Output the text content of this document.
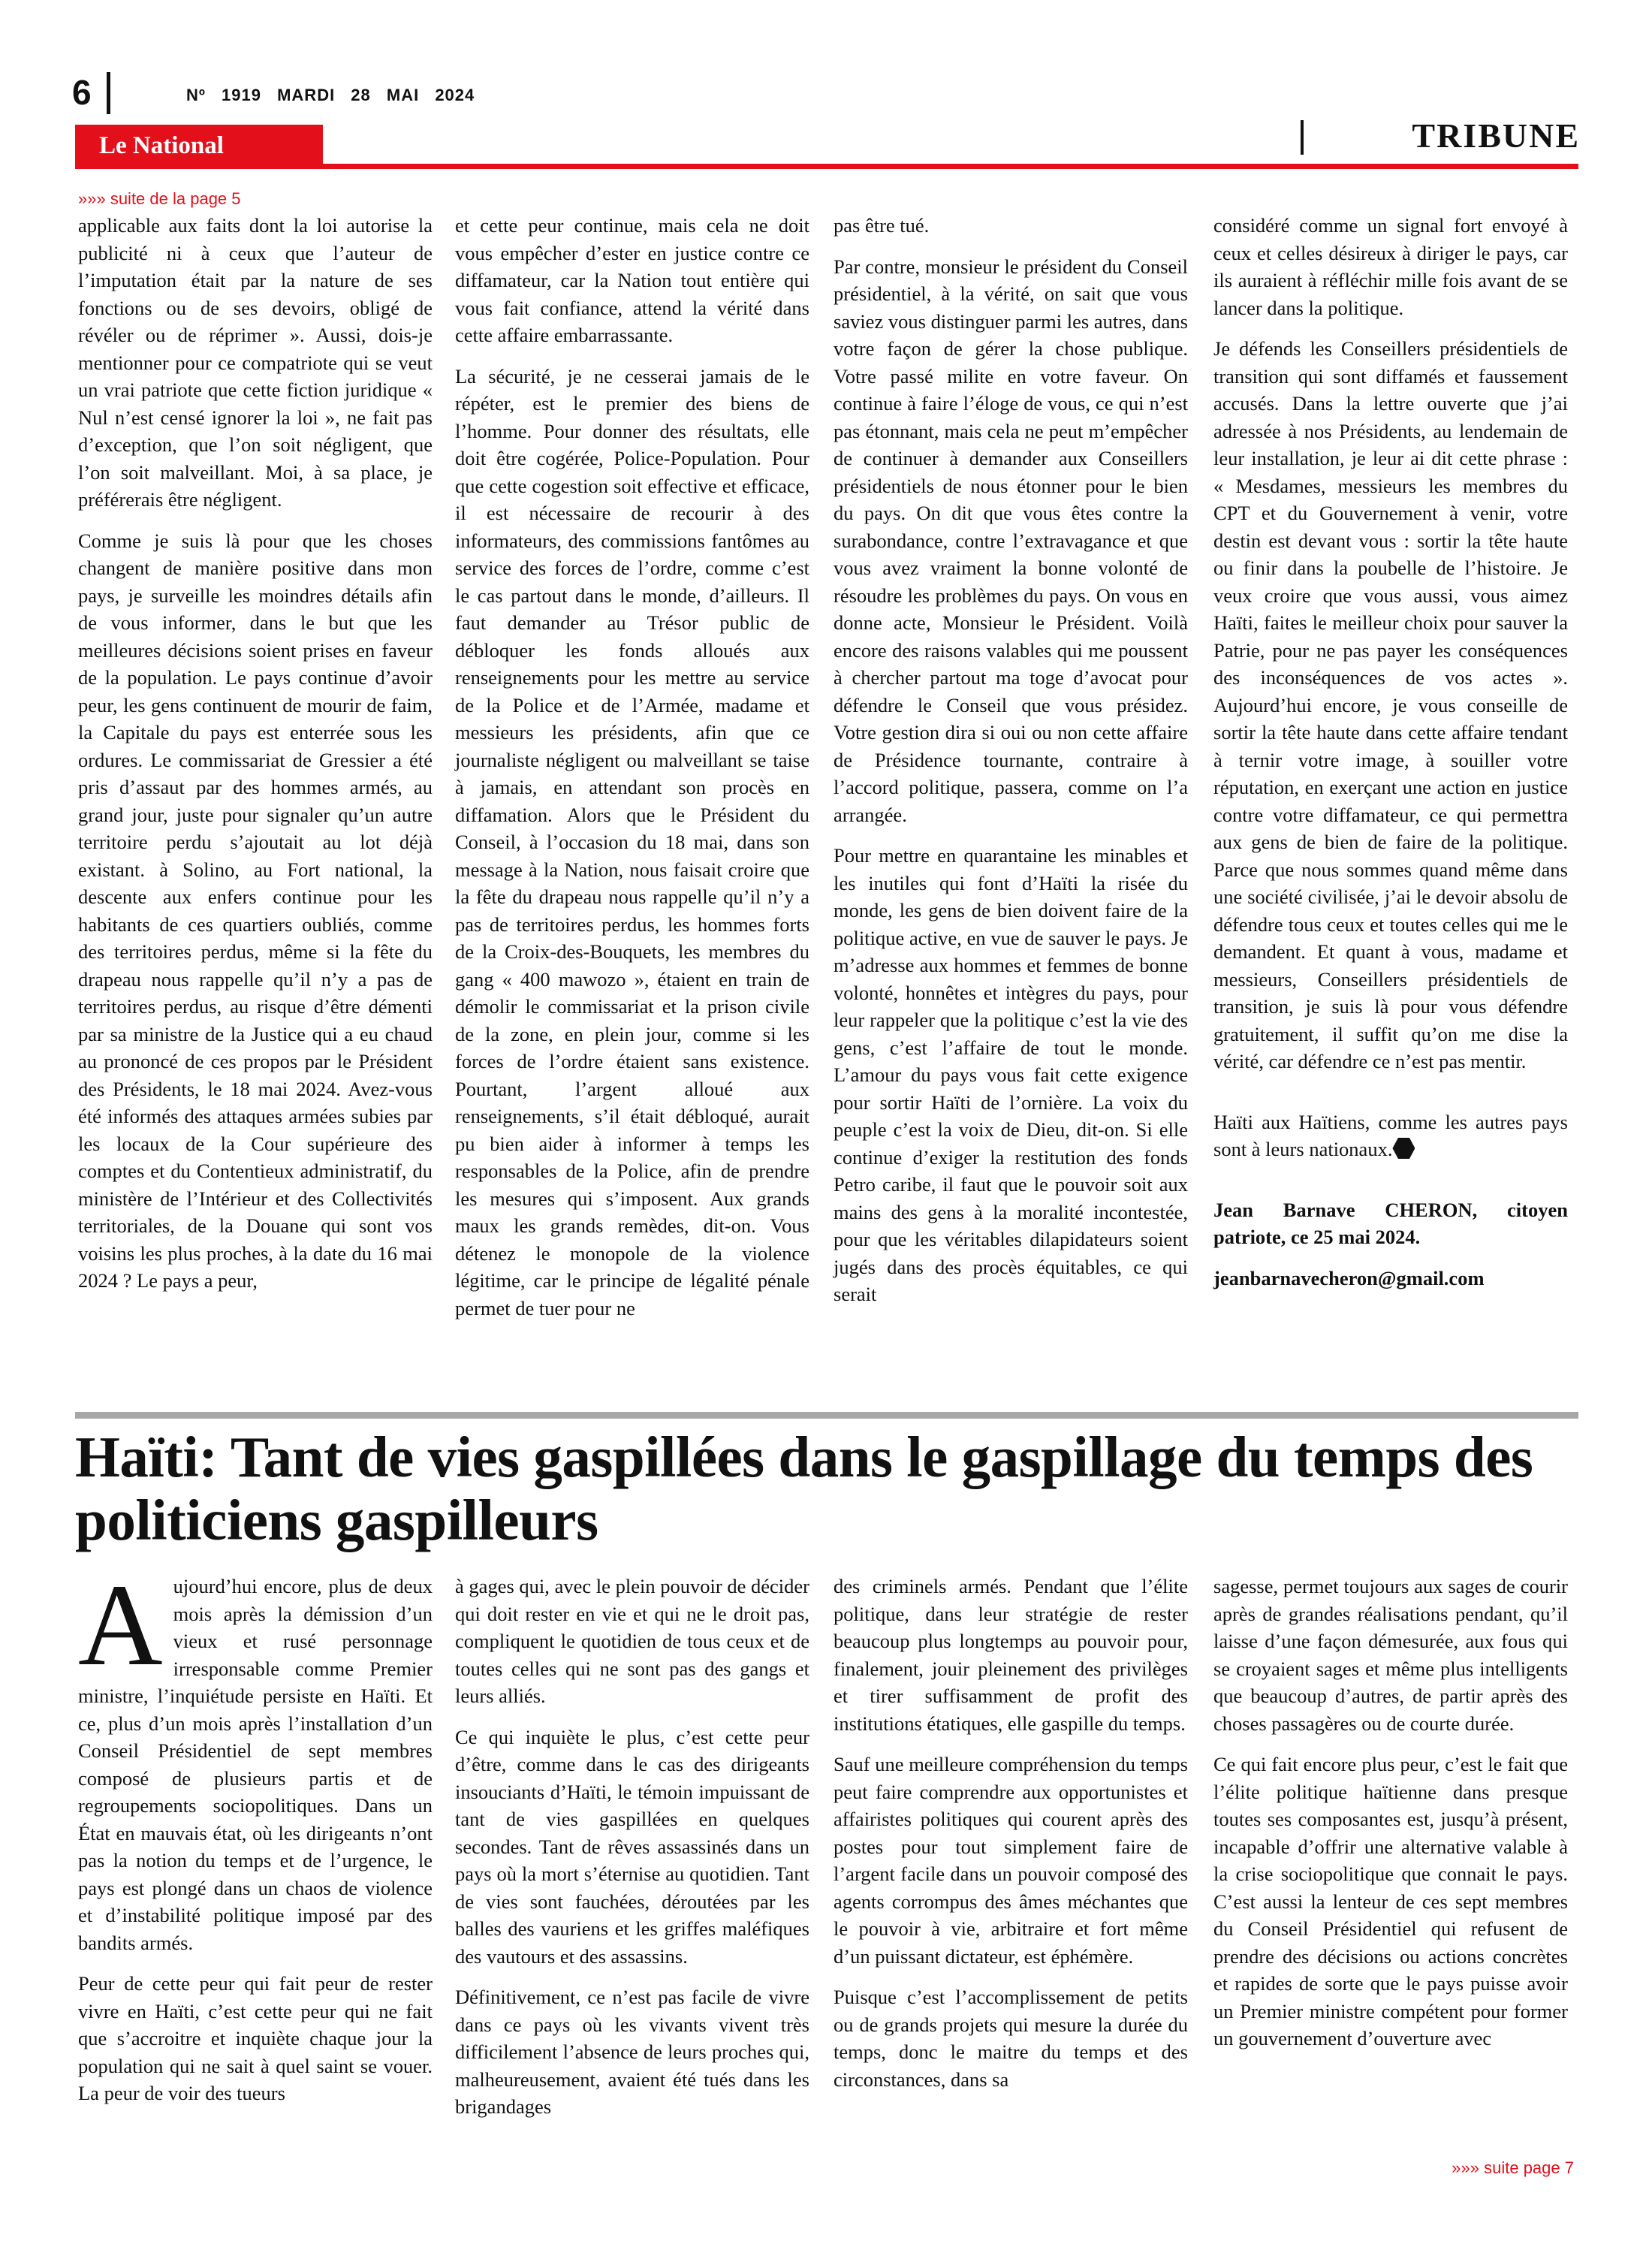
6	Nº 1919 MARDI 28 MAI 2024
Le National	TRIBUNE
»»» suite de la page 5

applicable aux faits dont la loi autorise la publicité ni à ceux que l’auteur de l’imputation était par la nature de ses fonctions ou de ses devoirs, obligé de révéler ou de réprimer ». Aussi, dois-je mentionner pour ce compatriote qui se veut un vrai patriote que cette fiction juridique « Nul n’est censé ignorer la loi », ne fait pas d’exception, que l’on soit négligent, que l’on soit malveillant. Moi, à sa place, je préférerais être négligent.

Comme je suis là pour que les choses changent de manière positive dans mon pays, je surveille les moindres détails afin de vous informer, dans le but que les meilleures décisions soient prises en faveur de la population. Le pays continue d’avoir peur, les gens continuent de mourir de faim, la Capitale du pays est enterrée sous les ordures. Le commissariat de Gressier a été pris d’assaut par des hommes armés, au grand jour, juste pour signaler qu’un autre territoire perdu s’ajoutait au lot déjà existant. à Solino, au Fort national, la descente aux enfers continue pour les habitants de ces quartiers oubliés, comme des territoires perdus, même si la fête du drapeau nous rappelle qu’il n’y a pas de territoires perdus, au risque d’être démenti par sa ministre de la Justice qui a eu chaud au prononcé de ces propos par le Président des Présidents, le 18 mai 2024. Avez-vous été informés des attaques armées subies par les locaux de la Cour supérieure des comptes et du Contentieux administratif, du ministère de l’Intérieur et des Collectivités territoriales, de la Douane qui sont vos voisins les plus proches, à la date du 16 mai 2024 ? Le pays a peur,

et cette peur continue, mais cela ne doit vous empêcher d’ester en justice contre ce diffamateur, car la Nation tout entière qui vous fait confiance, attend la vérité dans cette affaire embarrassante.

La sécurité, je ne cesserai jamais de le répéter, est le premier des biens de l’homme. Pour donner des résultats, elle doit être cogérée, Police-Population. Pour que cette cogestion soit effective et efficace, il est nécessaire de recourir à des informateurs, des commissions fantômes au service des forces de l’ordre, comme c’est le cas partout dans le monde, d’ailleurs. Il faut demander au Trésor public de débloquer les fonds alloués aux renseignements pour les mettre au service de la Police et de l’Armée, madame et messieurs les présidents, afin que ce journaliste négligent ou malveillant se taise à jamais, en attendant son procès en diffamation. Alors que le Président du Conseil, à l’occasion du 18 mai, dans son message à la Nation, nous faisait croire que la fête du drapeau nous rappelle qu’il n’y a pas de territoires perdus, les hommes forts de la Croix-des-Bouquets, les membres du gang « 400 mawozo », étaient en train de démolir le commissariat et la prison civile de la zone, en plein jour, comme si les forces de l’ordre étaient sans existence. Pourtant, l’argent alloué aux renseignements, s’il était débloqué, aurait pu bien aider à informer à temps les responsables de la Police, afin de prendre les mesures qui s’imposent. Aux grands maux les grands remèdes, dit-on. Vous détenez le monopole de la violence légitime, car le principe de légalité pénale permet de tuer pour ne

pas être tué.

Par contre, monsieur le président du Conseil présidentiel, à la vérité, on sait que vous saviez vous distinguer parmi les autres, dans votre façon de gérer la chose publique. Votre passé milite en votre faveur. On continue à faire l’éloge de vous, ce qui n’est pas étonnant, mais cela ne peut m’empêcher de continuer à demander aux Conseillers présidentiels de nous étonner pour le bien du pays. On dit que vous êtes contre la surabondance, contre l’extravagance et que vous avez vraiment la bonne volonté de résoudre les problèmes du pays. On vous en donne acte, Monsieur le Président. Voilà encore des raisons valables qui me poussent à chercher partout ma toge d’avocat pour défendre le Conseil que vous présidez. Votre gestion dira si oui ou non cette affaire de Présidence tournante, contraire à l’accord politique, passera, comme on l’a arrangée.

Pour mettre en quarantaine les minables et les inutiles qui font d’Haïti la risée du monde, les gens de bien doivent faire de la politique active, en vue de sauver le pays. Je m’adresse aux hommes et femmes de bonne volonté, honnêtes et intègres du pays, pour leur rappeler que la politique c’est la vie des gens, c’est l’affaire de tout le monde. L’amour du pays vous fait cette exigence pour sortir Haïti de l’ornière. La voix du peuple c’est la voix de Dieu, dit-on. Si elle continue d’exiger la restitution des fonds Petro caribe, il faut que le pouvoir soit aux mains des gens à la moralité incontestée, pour que les véritables dilapidateurs soient jugés dans des procès équitables, ce qui serait

considéré comme un signal fort envoyé à ceux et celles désireux à diriger le pays, car ils auraient à réfléchir mille fois avant de se lancer dans la politique.

Je défends les Conseillers présidentiels de transition qui sont diffamés et faussement accusés. Dans la lettre ouverte que j’ai adressée à nos Présidents, au lendemain de leur installation, je leur ai dit cette phrase : « Mesdames, messieurs les membres du CPT et du Gouvernement à venir, votre destin est devant vous : sortir la tête haute ou finir dans la poubelle de l’histoire. Je veux croire que vous aussi, vous aimez Haïti, faites le meilleur choix pour sauver la Patrie, pour ne pas payer les conséquences des inconséquences de vos actes ». Aujourd’hui encore, je vous conseille de sortir la tête haute dans cette affaire tendant à ternir votre image, à souiller votre réputation, en exerçant une action en justice contre votre diffamateur, ce qui permettra aux gens de bien de faire de la politique. Parce que nous sommes quand même dans une société civilisée, j’ai le devoir absolu de défendre tous ceux et toutes celles qui me le demandent. Et quant à vous, madame et messieurs, Conseillers présidentiels de transition, je suis là pour vous défendre gratuitement, il suffit qu’on me dise la vérité, car défendre ce n’est pas mentir.

Haïti aux Haïtiens, comme les autres pays sont à leurs nationaux.

Jean Barnave CHERON, citoyen patriote, ce 25 mai 2024.

jeanbarnavecheron@gmail.com

Haïti: Tant de vies gaspillées dans le gaspillage du temps des politiciens gaspilleurs

Aujourd’hui encore, plus de deux mois après la démission d’un vieux et rusé personnage irresponsable comme Premier ministre, l’inquiétude persiste en Haïti. Et ce, plus d’un mois après l’installation d’un Conseil Présidentiel de sept membres composé de plusieurs partis et de regroupements sociopolitiques. Dans un État en mauvais état, où les dirigeants n’ont pas la notion du temps et de l’urgence, le pays est plongé dans un chaos de violence et d’instabilité politique imposé par des bandits armés.

Peur de cette peur qui fait peur de rester vivre en Haïti, c’est cette peur qui ne fait que s’accroitre et inquiète chaque jour la population qui ne sait à quel saint se vouer. La peur de voir des tueurs

à gages qui, avec le plein pouvoir de décider qui doit rester en vie et qui ne le droit pas, compliquent le quotidien de tous ceux et de toutes celles qui ne sont pas des gangs et leurs alliés.

Ce qui inquiète le plus, c’est cette peur d’être, comme dans le cas des dirigeants insouciants d’Haïti, le témoin impuissant de tant de vies gaspillées en quelques secondes. Tant de rêves assassinés dans un pays où la mort s’éternise au quotidien. Tant de vies sont fauchées, déroutées par les balles des vauriens et les griffes maléfiques des vautours et des assassins.

Définitivement, ce n’est pas facile de vivre dans ce pays où les vivants vivent très difficilement l’absence de leurs proches qui, malheureusement, avaient été tués dans les brigandages

des criminels armés. Pendant que l’élite politique, dans leur stratégie de rester beaucoup plus longtemps au pouvoir pour, finalement, jouir pleinement des privilèges et tirer suffisamment de profit des institutions étatiques, elle gaspille du temps.

Sauf une meilleure compréhension du temps peut faire comprendre aux opportunistes et affairistes politiques qui courent après des postes pour tout simplement faire de l’argent facile dans un pouvoir composé des agents corrompus des âmes méchantes que le pouvoir à vie, arbitraire et fort même d’un puissant dictateur, est éphémère.

Puisque c’est l’accomplissement de petits ou de grands projets qui mesure la durée du temps, donc le maitre du temps et des circonstances, dans sa

sagesse, permet toujours aux sages de courir après de grandes réalisations pendant, qu’il laisse d’une façon démesurée, aux fous qui se croyaient sages et même plus intelligents que beaucoup d’autres, de partir après des choses passagères ou de courte durée.

Ce qui fait encore plus peur, c’est le fait que l’élite politique haïtienne dans presque toutes ses composantes est, jusqu’à présent, incapable d’offrir une alternative valable à la crise sociopolitique que connait le pays. C’est aussi la lenteur de ces sept membres du Conseil Présidentiel qui refusent de prendre des décisions ou actions concrètes et rapides de sorte que le pays puisse avoir un Premier ministre compétent pour former un gouvernement d’ouverture avec

»»» suite page 7
